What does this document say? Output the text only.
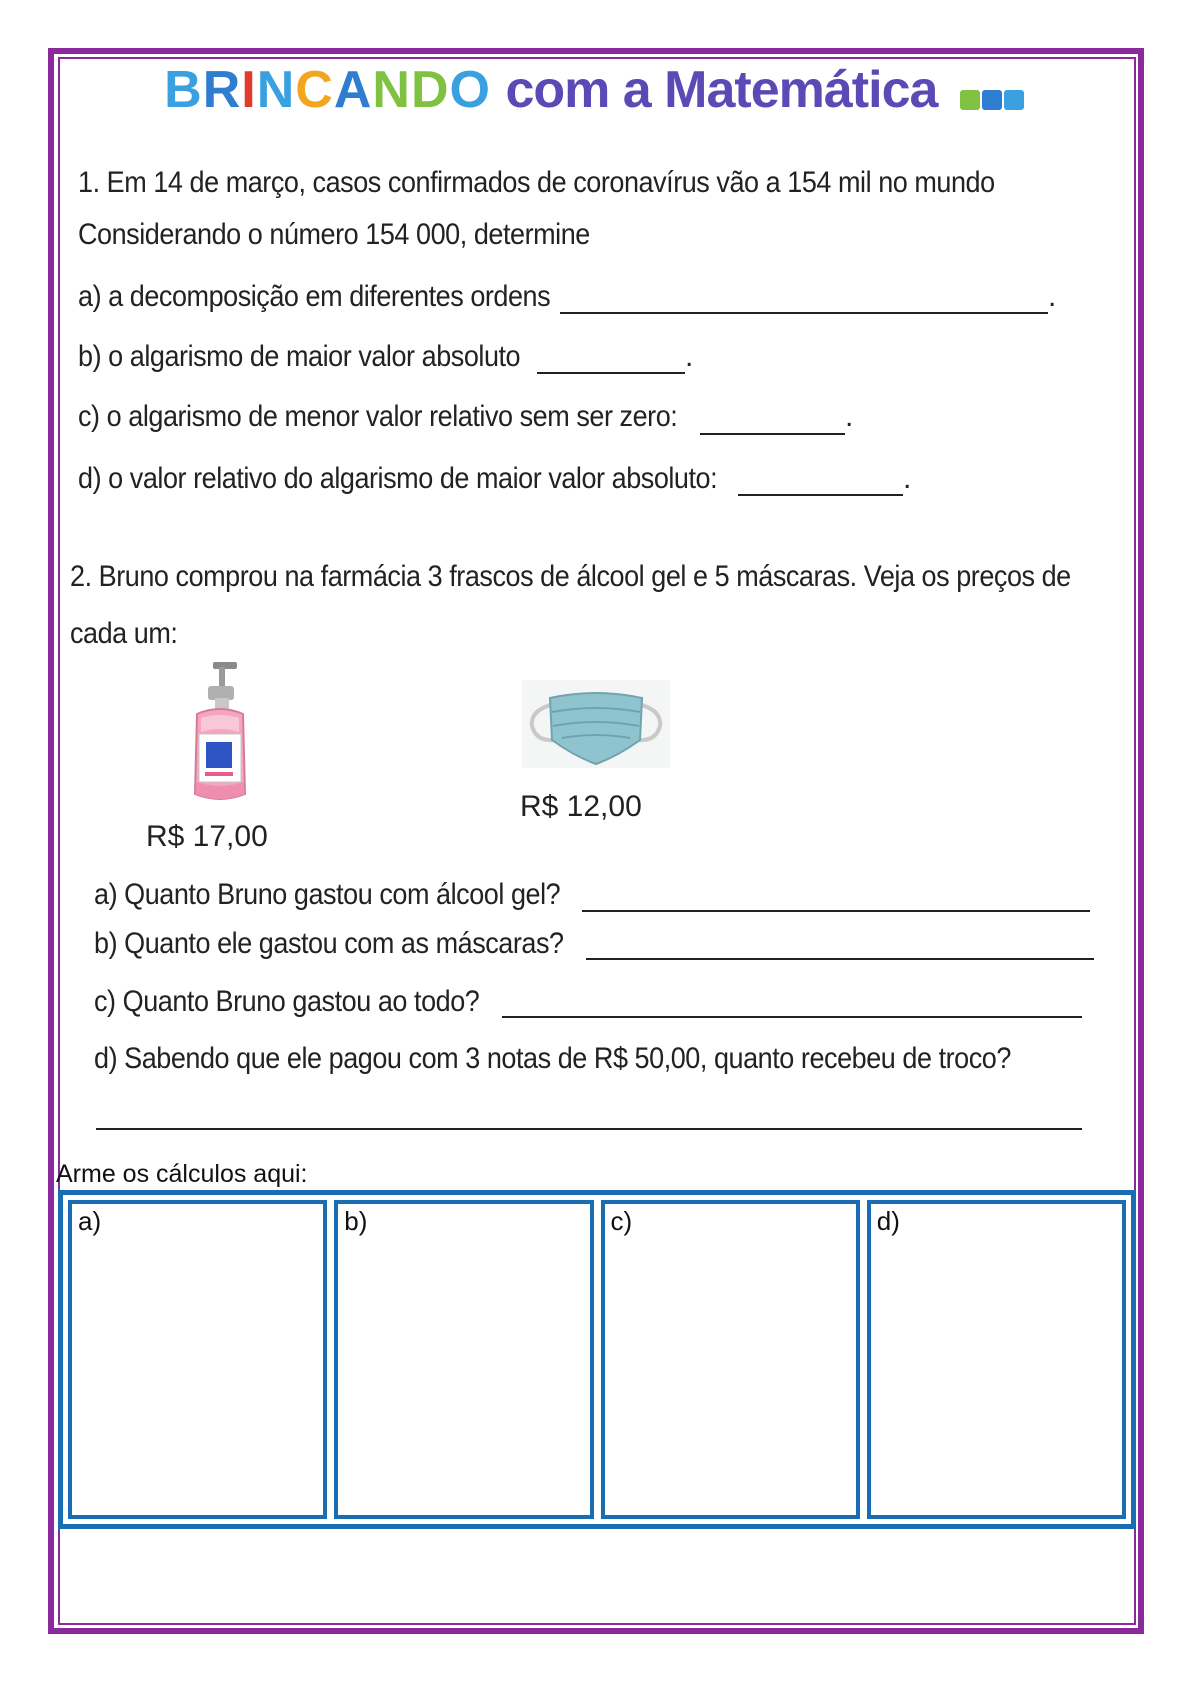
BRINCANDO com a Matemática
1. Em 14 de março, casos confirmados de coronavírus vão a 154 mil no mundo
Considerando o número 154 000, determine
a) a decomposição em diferentes ordens	.
b) o algarismo de maior valor absoluto	.
c) o algarismo de menor valor relativo sem ser zero:	.
d) o valor relativo do algarismo de maior valor absoluto:	.
2. Bruno comprou na farmácia 3 frascos de álcool gel e 5 máscaras. Veja os preços de
cada um:
R$ 17,00
R$ 12,00
a) Quanto Bruno gastou com álcool gel?
b) Quanto ele gastou com as máscaras?
c) Quanto Bruno gastou ao todo?
d) Sabendo que ele pagou com 3 notas de R$ 50,00, quanto recebeu de troco?
Arme os cálculos aqui:
a)	b)	c)	d)
